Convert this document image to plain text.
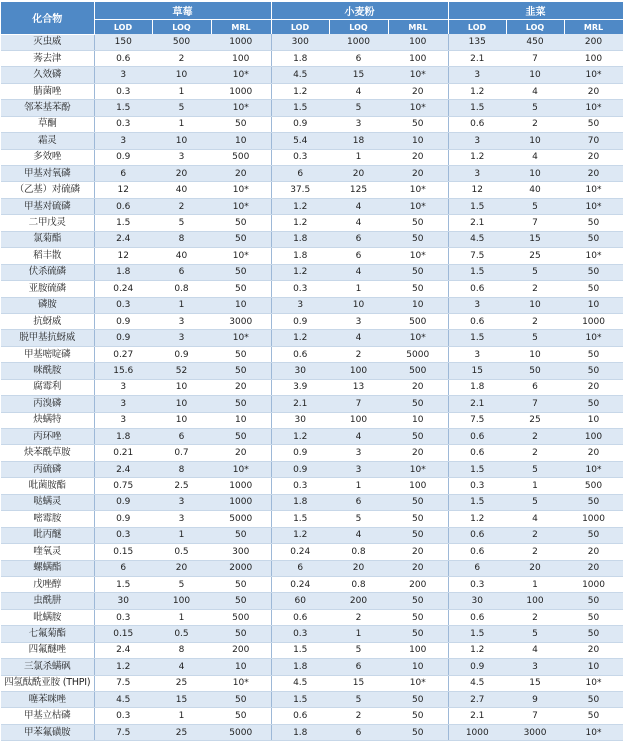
化合物	草莓			小麦粉			韭菜		
	LOD	LOQ	MRL	LOD	LOQ	MRL	LOD	LOQ	MRL
灭虫威	150	500	1000	300	1000	100	135	450	200
莠去津	0.6	2	100	1.8	6	100	2.1	7	100
久效磷	3	10	10*	4.5	15	10*	3	10	10*
腈菌唑	0.3	1	1000	1.2	4	20	1.2	4	20
邻苯基苯酚	1.5	5	10*	1.5	5	10*	1.5	5	10*
草酮	0.3	1	50	0.9	3	50	0.6	2	50
霜灵	3	10	10	5.4	18	10	3	10	70
多效唑	0.9	3	500	0.3	1	20	1.2	4	20
甲基对氧磷	6	20	20	6	20	20	3	10	20
（乙基）对硫磷	12	40	10*	37.5	125	10*	12	40	10*
甲基对硫磷	0.6	2	10*	1.2	4	10*	1.5	5	10*
二甲戊灵	1.5	5	50	1.2	4	50	2.1	7	50
氯菊酯	2.4	8	50	1.8	6	50	4.5	15	50
稻丰散	12	40	10*	1.8	6	10*	7.5	25	10*
伏杀硫磷	1.8	6	50	1.2	4	50	1.5	5	50
亚胺硫磷	0.24	0.8	50	0.3	1	50	0.6	2	50
磷胺	0.3	1	10	3	10	10	3	10	10
抗蚜威	0.9	3	3000	0.9	3	500	0.6	2	1000
脱甲基抗蚜威	0.9	3	10*	1.2	4	10*	1.5	5	10*
甲基嘧啶磷	0.27	0.9	50	0.6	2	5000	3	10	50
咪酰胺	15.6	52	50	30	100	500	15	50	50
腐霉利	3	10	20	3.9	13	20	1.8	6	20
丙溴磷	3	10	50	2.1	7	50	2.1	7	50
炔螨特	3	10	10	30	100	10	7.5	25	10
丙环唑	1.8	6	50	1.2	4	50	0.6	2	100
炔苯酰草胺	0.21	0.7	20	0.9	3	20	0.6	2	20
丙硫磷	2.4	8	10*	0.9	3	10*	1.5	5	10*
吡菌胺酯	0.75	2.5	1000	0.3	1	100	0.3	1	500
哒螨灵	0.9	3	1000	1.8	6	50	1.5	5	50
嘧霉胺	0.9	3	5000	1.5	5	50	1.2	4	1000
吡丙醚	0.3	1	50	1.2	4	50	0.6	2	50
喹氧灵	0.15	0.5	300	0.24	0.8	20	0.6	2	20
螺螨酯	6	20	2000	6	20	20	6	20	20
戊唑醇	1.5	5	50	0.24	0.8	200	0.3	1	1000
虫酰肼	30	100	50	60	200	50	30	100	50
吡螨胺	0.3	1	500	0.6	2	50	0.6	2	50
七氟菊酯	0.15	0.5	50	0.3	1	50	1.5	5	50
四氟醚唑	2.4	8	200	1.5	5	100	1.2	4	20
三氯杀螨砜	1.2	4	10	1.8	6	10	0.9	3	10
四氢酞酰亚胺 (THPI)	7.5	25	10*	4.5	15	10*	4.5	15	10*
噻苯咪唑	4.5	15	50	1.5	5	50	2.7	9	50
甲基立枯磷	0.3	1	50	0.6	2	50	2.1	7	50
甲苯氟磺胺	7.5	25	5000	1.8	6	50	1000	3000	10*
